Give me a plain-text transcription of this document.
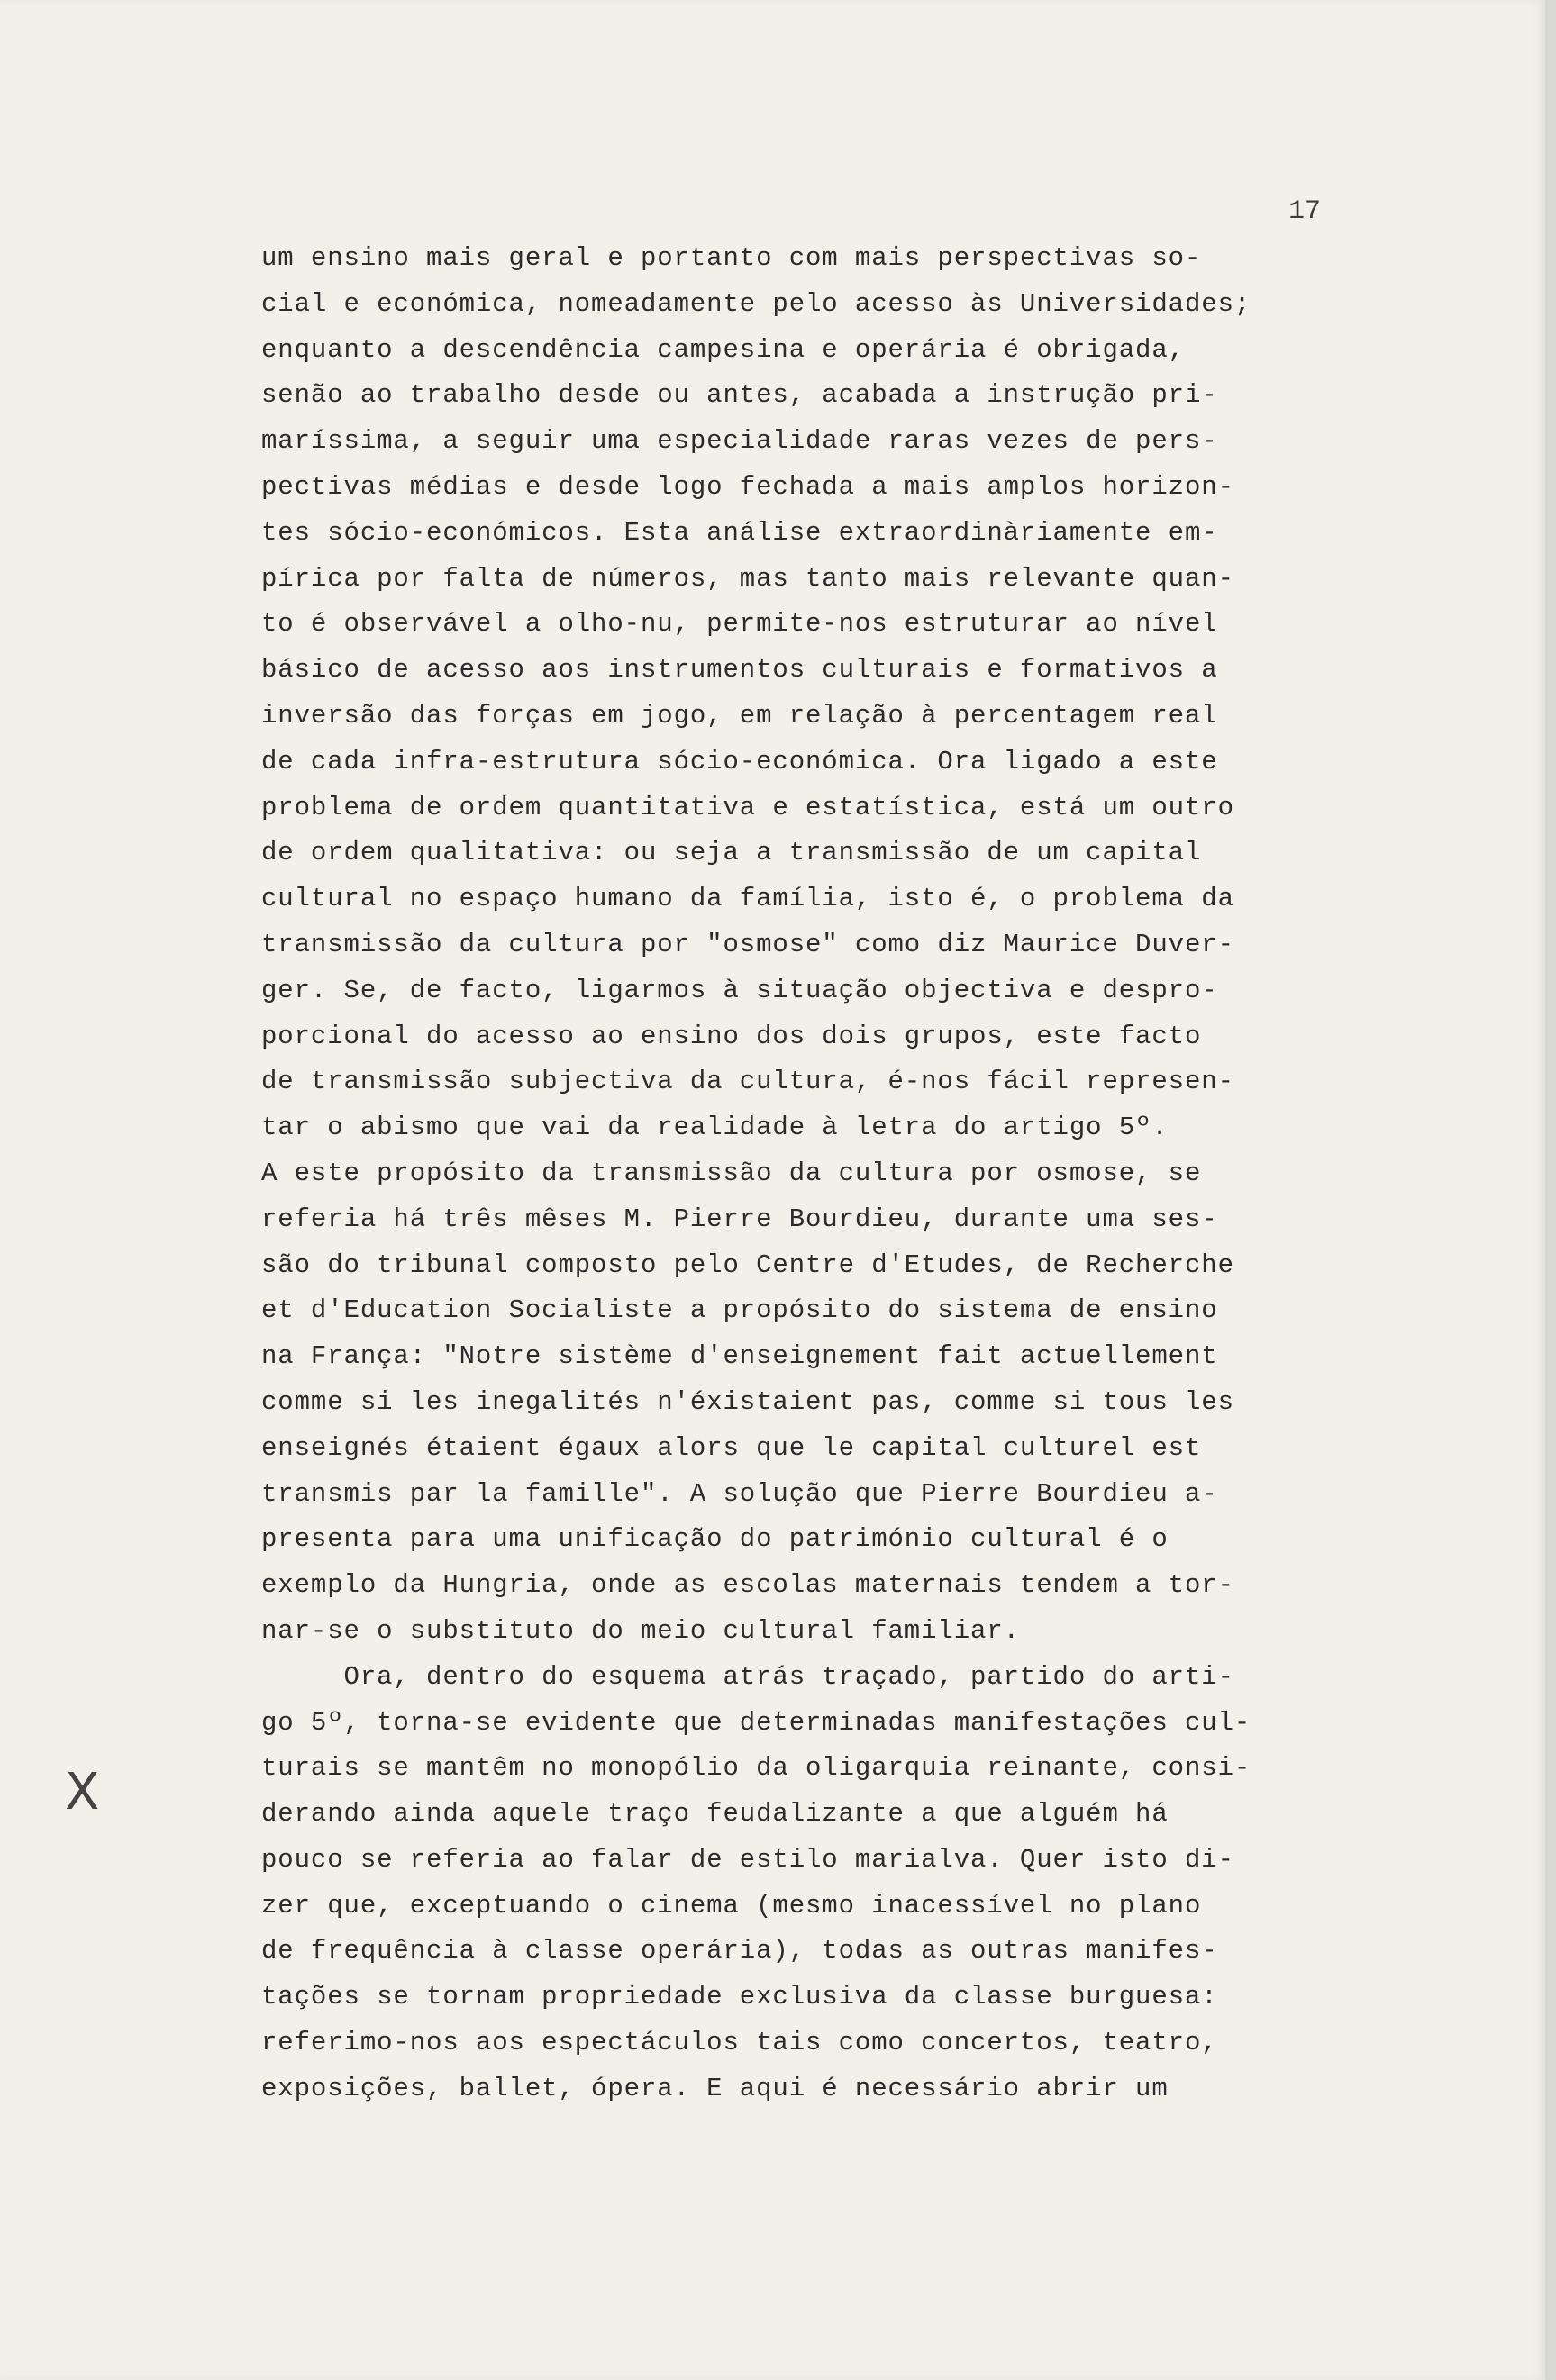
17
um ensino mais geral e portanto com mais perspectivas so-
cial e económica, nomeadamente pelo acesso às Universidades;
enquanto a descendência campesina e operária é obrigada,
senão ao trabalho desde ou antes, acabada a instrução pri-
maríssima, a seguir uma especialidade raras vezes de pers-
pectivas médias e desde logo fechada a mais amplos horizon-
tes sócio-económicos. Esta análise extraordinàriamente em-
pírica por falta de números, mas tanto mais relevante quan-
to é observável a olho-nu, permite-nos estruturar ao nível
básico de acesso aos instrumentos culturais e formativos a
inversão das forças em jogo, em relação à percentagem real
de cada infra-estrutura sócio-económica. Ora ligado a este
problema de ordem quantitativa e estatística, está um outro
de ordem qualitativa: ou seja a transmissão de um capital
cultural no espaço humano da família, isto é, o problema da
transmissão da cultura por "osmose" como diz Maurice Duver-
ger. Se, de facto, ligarmos à situação objectiva e despro-
porcional do acesso ao ensino dos dois grupos, este facto
de transmissão subjectiva da cultura, é-nos fácil represen-
tar o abismo que vai da realidade à letra do artigo 5º.
A este propósito da transmissão da cultura por osmose, se
referia há três mêses M. Pierre Bourdieu, durante uma ses-
são do tribunal composto pelo Centre d'Etudes, de Recherche
et d'Education Socialiste a propósito do sistema de ensino
na França: "Notre sistème d'enseignement fait actuellement
comme si les inegalités n'éxistaient pas, comme si tous les
enseignés étaient égaux alors que le capital culturel est
transmis par la famille". A solução que Pierre Bourdieu a-
presenta para uma unificação do património cultural é o
exemplo da Hungria, onde as escolas maternais tendem a tor-
nar-se o substituto do meio cultural familiar.
Ora, dentro do esquema atrás traçado, partido do arti-
go 5º, torna-se evidente que determinadas manifestações cul-
turais se mantêm no monopólio da oligarquia reinante, consi-
derando ainda aquele traço feudalizante a que alguém há
pouco se referia ao falar de estilo marialva. Quer isto di-
zer que, exceptuando o cinema (mesmo inacessível no plano
de frequência à classe operária), todas as outras manifes-
tações se tornam propriedade exclusiva da classe burguesa:
referimo-nos aos espectáculos tais como concertos, teatro,
exposições, ballet, ópera. E aqui é necessário abrir um
X
